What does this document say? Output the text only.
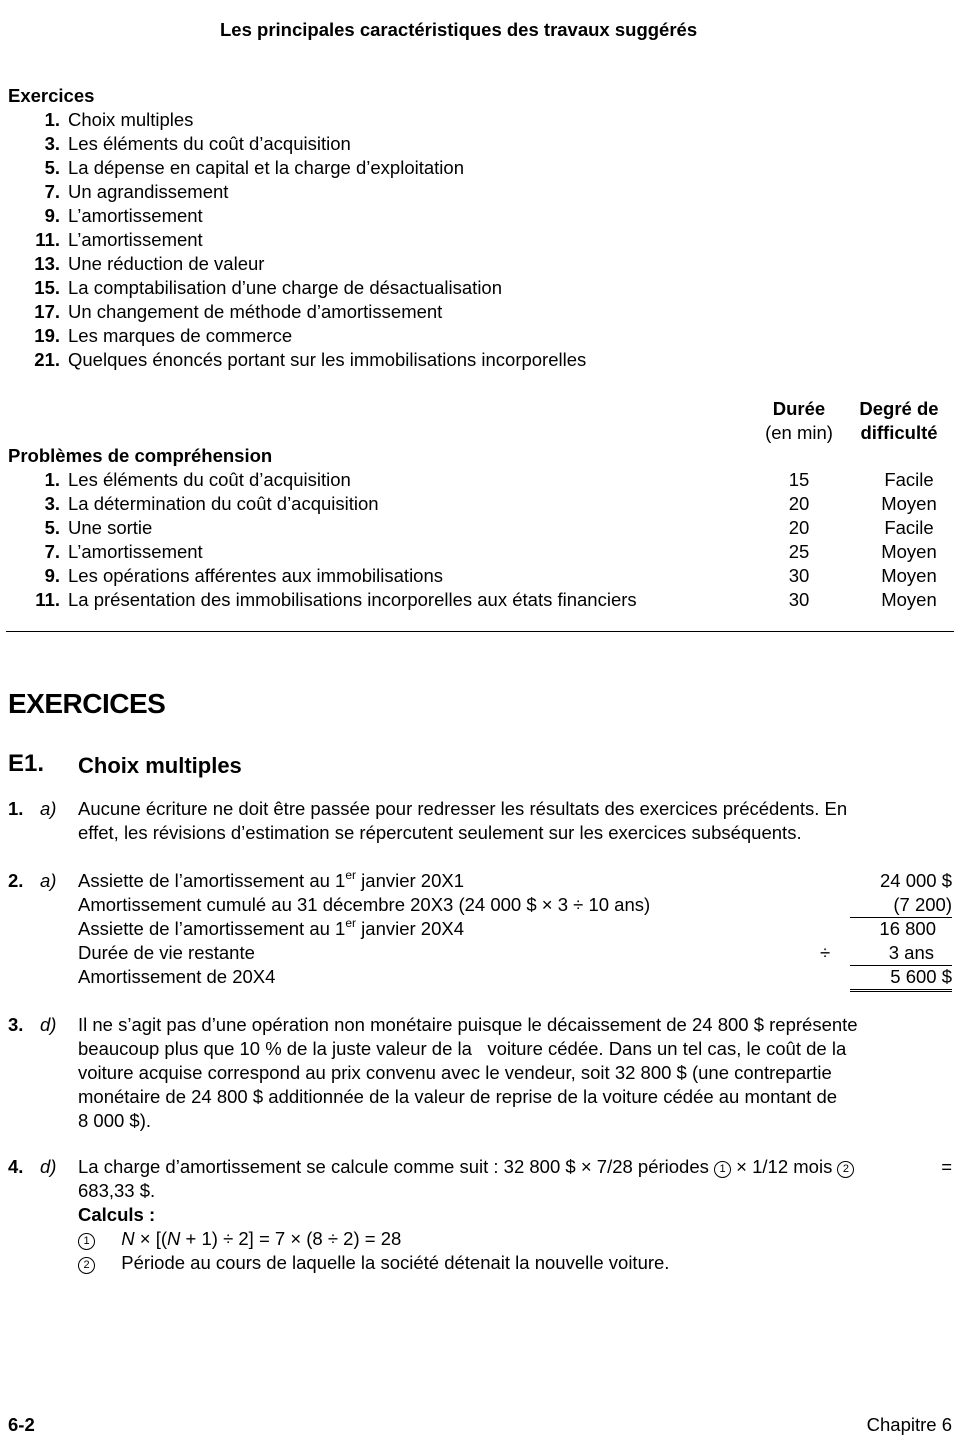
Les principales caractéristiques des travaux suggérés
Exercices
1. Choix multiples
3. Les éléments du coût d’acquisition
5. La dépense en capital et la charge d’exploitation
7. Un agrandissement
9. L’amortissement
11. L’amortissement
13. Une réduction de valeur
15. La comptabilisation d’une charge de désactualisation
17. Un changement de méthode d’amortissement
19. Les marques de commerce
21. Quelques énoncés portant sur les immobilisations incorporelles
Durée
(en min)
Degré de
difficulté
Problèmes de compréhension
1. Les éléments du coût d’acquisition	15	Facile
3. La détermination du coût d’acquisition	20	Moyen
5. Une sortie	20	Facile
7. L’amortissement	25	Moyen
9. Les opérations afférentes aux immobilisations	30	Moyen
11. La présentation des immobilisations incorporelles aux états financiers	30	Moyen
EXERCICES
E1. Choix multiples
1. a) Aucune écriture ne doit être passée pour redresser les résultats des exercices précédents. En
effet, les révisions d’estimation se répercutent seulement sur les exercices subséquents.
2. a) Assiette de l’amortissement au 1er janvier 20X1	24 000 $
Amortissement cumulé au 31 décembre 20X3 (24 000 $ × 3 ÷ 10 ans)	(7 200)
Assiette de l’amortissement au 1er janvier 20X4	16 800
Durée de vie restante	÷	3 ans
Amortissement de 20X4	5 600 $
3. d) Il ne s’agit pas d’une opération non monétaire puisque le décaissement de 24 800 $ représente
beaucoup plus que 10 % de la juste valeur de la   voiture cédée. Dans un tel cas, le coût de la
voiture acquise correspond au prix convenu avec le vendeur, soit 32 800 $ (une contrepartie
monétaire de 24 800 $ additionnée de la valeur de reprise de la voiture cédée au montant de
8 000 $).
4. d) La charge d’amortissement se calcule comme suit : 32 800 $ × 7/28 périodes 1 × 1/12 mois 2	=
683,33 $.
Calculs :
1 N × [(N + 1) ÷ 2] = 7 × (8 ÷ 2) = 28
2 Période au cours de laquelle la société détenait la nouvelle voiture.
6-2	Chapitre 6
